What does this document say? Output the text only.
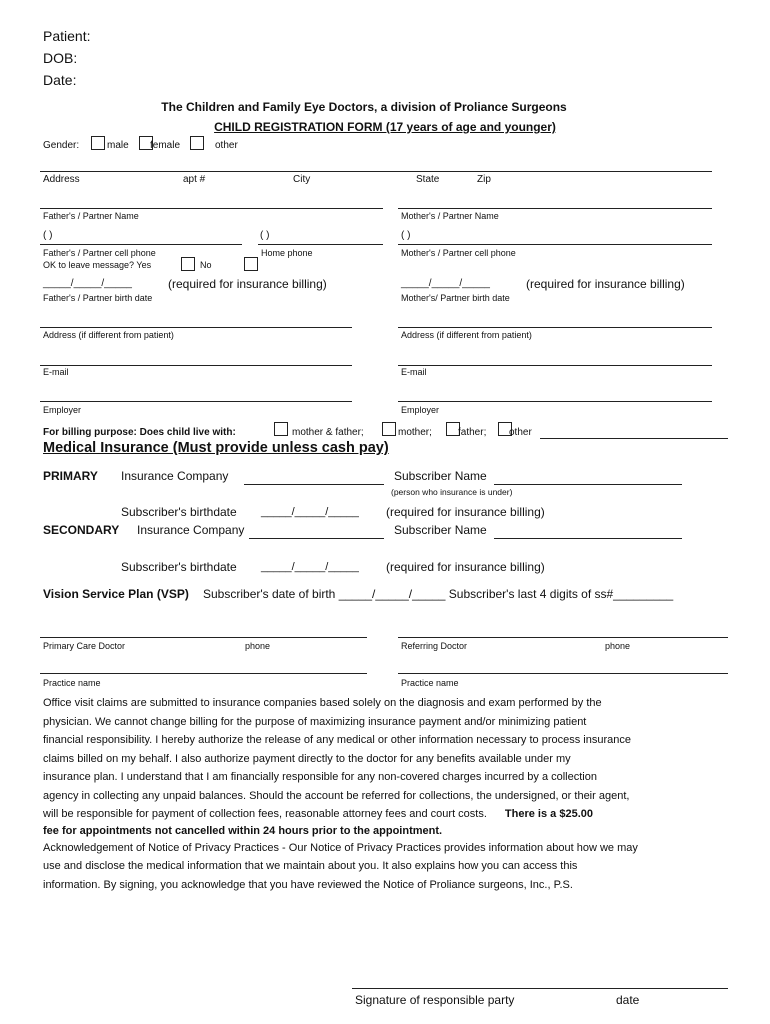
Patient:
DOB:
Date:
The Children and Family Eye Doctors, a division of Proliance Surgeons
CHILD REGISTRATION FORM (17 years of age and younger)
Gender:	male female	other
Address	apt #	City	State	Zip
Father's / Partner Name	Mother's / Partner Name
( )	( )	( )
Father's / Partner cell phone	Home phone	Mother's / Partner cell phone
OK to leave message? Yes	No
_____/_____/_____	(required for insurance billing)	_____/_____/_____	(required for insurance billing)
Father's / Partner birth date	Mother's/ Partner birth date
Address (if different from patient)	Address (if different from patient)
E-mail	E-mail
Employer	Employer
For billing purpose: Does child live with:	mother & father;	mother;	father; other
Medical Insurance (Must provide unless cash pay)
PRIMARY Insurance Company	Subscriber Name
(person who insurance is under)
Subscriber's birthdate _____/_____/_____ (required for insurance billing)
SECONDARY Insurance Company	Subscriber Name
Subscriber's birthdate _____/_____/_____ (required for insurance billing)
Vision Service Plan (VSP) Subscriber's date of birth _____/_____/_____ Subscriber's last 4 digits of ss#_________
Primary Care Doctor	phone	Referring Doctor	phone
Practice name	Practice name
Office visit claims are submitted to insurance companies based solely on the diagnosis and exam performed by the
physician. We cannot change billing for the purpose of maximizing insurance payment and/or minimizing patient
financial responsibility. I hereby authorize the release of any medical or other information necessary to process insurance
claims billed on my behalf. I also authorize payment directly to the doctor for any benefits available under my
insurance plan. I understand that I am financially responsible for any non-covered charges incurred by a collection
agency in collecting any unpaid balances. Should the account be referred for collections, the undersigned, or their agent,
will be responsible for payment of collection fees, reasonable attorney fees and court costs. There is a $25.00
fee for appointments not cancelled within 24 hours prior to the appointment.
Acknowledgement of Notice of Privacy Practices - Our Notice of Privacy Practices provides information about how we may
use and disclose the medical information that we maintain about you. It also explains how you can access this
information. By signing, you acknowledge that you have reviewed the Notice of Proliance surgeons, Inc., P.S.
Signature of responsible party	date
